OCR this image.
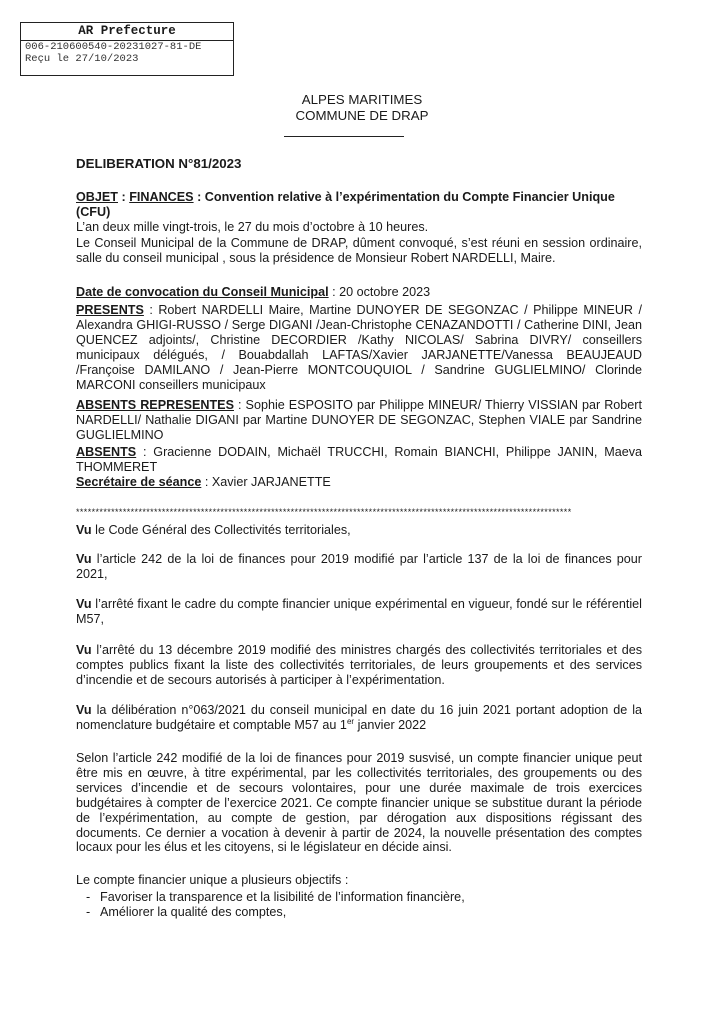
AR Prefecture
006-210600540-20231027-81-DE
Reçu le 27/10/2023
ALPES MARITIMES
COMMUNE DE DRAP
DELIBERATION N°81/2023
OBJET : FINANCES : Convention relative à l’expérimentation du Compte Financier Unique (CFU)
L’an deux mille vingt-trois, le 27 du mois d’octobre à 10 heures.
Le Conseil Municipal de la Commune de DRAP, dûment convoqué, s’est réuni en session ordinaire, salle du conseil municipal , sous la présidence de Monsieur Robert NARDELLI, Maire.
Date de convocation du Conseil Municipal : 20 octobre 2023
PRESENTS : Robert NARDELLI Maire, Martine DUNOYER DE SEGONZAC / Philippe MINEUR / Alexandra GHIGI-RUSSO / Serge DIGANI /Jean-Christophe CENAZANDOTTI / Catherine DINI, Jean QUENCEZ adjoints/, Christine DECORDIER /Kathy NICOLAS/ Sabrina DIVRY/ conseillers municipaux délégués, / Bouabdallah LAFTAS/Xavier JARJANETTE/Vanessa BEAUJEAUD /Françoise DAMILANO / Jean-Pierre MONTCOUQUIOL / Sandrine GUGLIELMINO/ Clorinde MARCONI conseillers municipaux
ABSENTS REPRESENTES : Sophie ESPOSITO par Philippe MINEUR/ Thierry VISSIAN par Robert NARDELLI/ Nathalie DIGANI par Martine DUNOYER DE SEGONZAC, Stephen VIALE par Sandrine GUGLIELMINO
ABSENTS : Gracienne DODAIN, Michaël TRUCCHI, Romain BIANCHI, Philippe JANIN, Maeva THOMMERET
Secrétaire de séance : Xavier JARJANETTE
*******************************************************************************************************************************
Vu le Code Général des Collectivités territoriales,
Vu l’article 242 de la loi de finances pour 2019 modifié par l’article 137 de la loi de finances pour 2021,
Vu l’arrêté fixant le cadre du compte financier unique expérimental en vigueur, fondé sur le référentiel M57,
Vu l’arrêté du 13 décembre 2019 modifié des ministres chargés des collectivités territoriales et des comptes publics fixant la liste des collectivités territoriales, de leurs groupements et des services d’incendie et de secours autorisés à participer à l’expérimentation.
Vu la délibération n°063/2021 du conseil municipal en date du 16 juin 2021 portant adoption de la nomenclature budgétaire et comptable M57 au 1er janvier 2022
Selon l’article 242 modifié de la loi de finances pour 2019 susvisé, un compte financier unique peut être mis en œuvre, à titre expérimental, par les collectivités territoriales, des groupements ou des services d’incendie et de secours volontaires, pour une durée maximale de trois exercices budgétaires à compter de l’exercice 2021. Ce compte financier unique se substitue durant la période de l’expérimentation, au compte de gestion, par dérogation aux dispositions régissant des documents. Ce dernier a vocation à devenir à partir de 2024, la nouvelle présentation des comptes locaux pour les élus et les citoyens, si le législateur en décide ainsi.
Le compte financier unique a plusieurs objectifs :
- Favoriser la transparence et la lisibilité de l’information financière,
- Améliorer la qualité des comptes,
